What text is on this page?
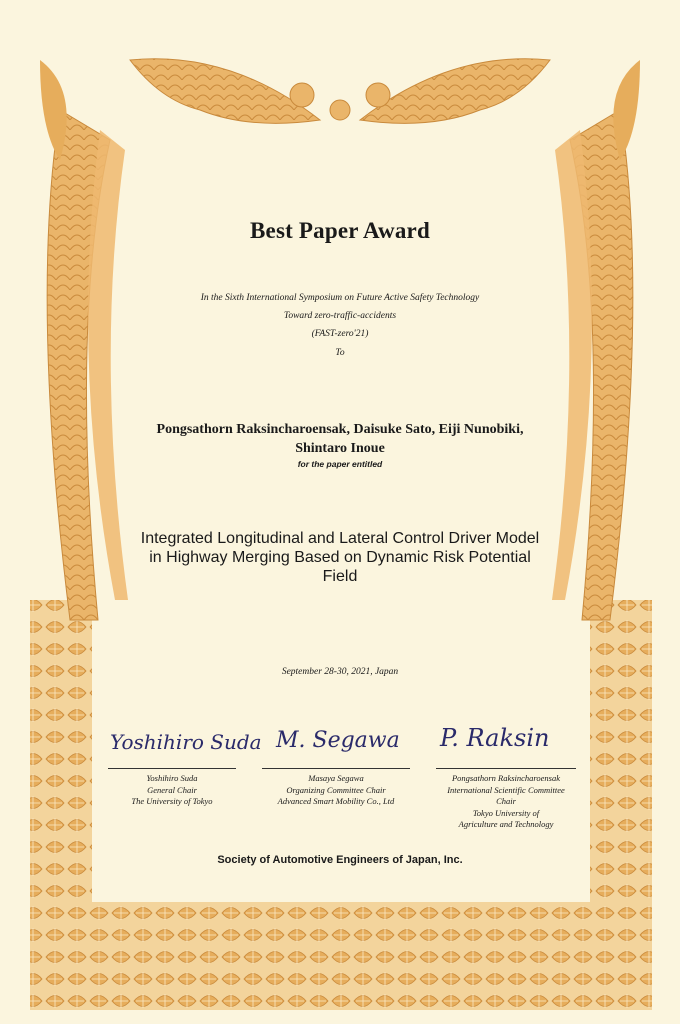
Best Paper Award
In the Sixth International Symposium on Future Active Safety Technology
Toward zero-traffic-accidents
(FAST-zero'21)
To
Pongsathorn Raksincharoensak, Daisuke Sato, Eiji Nunobiki,
Shintaro Inoue
for the paper entitled
Integrated Longitudinal and Lateral Control Driver Model
in Highway Merging Based on Dynamic Risk Potential
Field
September 28-30, 2021, Japan
Yoshihiro Suda
Yoshihiro Suda
General Chair
The University of Tokyo
M. Segawa
Masaya Segawa
Organizing Committee Chair
Advanced Smart Mobility Co., Ltd
P. Raksin
Pongsathorn Raksincharoensak
International Scientific Committee
Chair
Tokyo University of
Agriculture and Technology
Society of Automotive Engineers of Japan, Inc.
